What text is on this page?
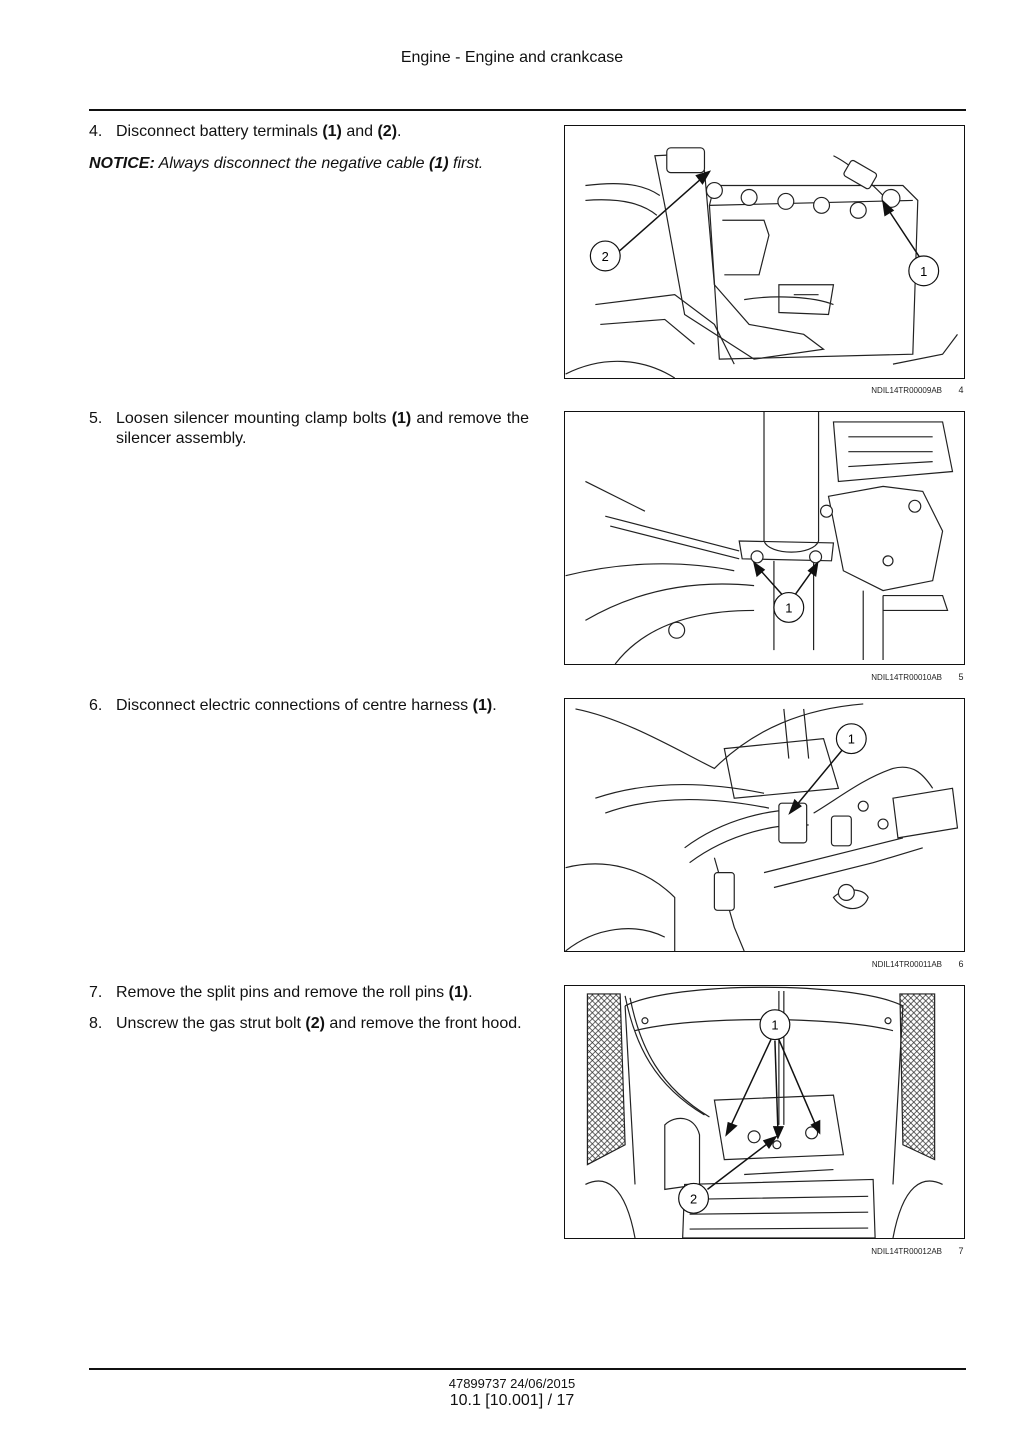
Engine - Engine and crankcase
4. Disconnect battery terminals (1) and (2).
NOTICE: Always disconnect the negative cable (1) first.
5. Loosen silencer mounting clamp bolts (1) and remove the silencer assembly.
6. Disconnect electric connections of centre harness (1).
7. Remove the split pins and remove the roll pins (1).
8. Unscrew the gas strut bolt (2) and remove the front hood.
2
1
NDIL14TR00009AB	4
1
NDIL14TR00010AB	5
1
NDIL14TR00011AB	6
1
2
NDIL14TR00012AB	7
47899737 24/06/2015
10.1 [10.001] / 17
